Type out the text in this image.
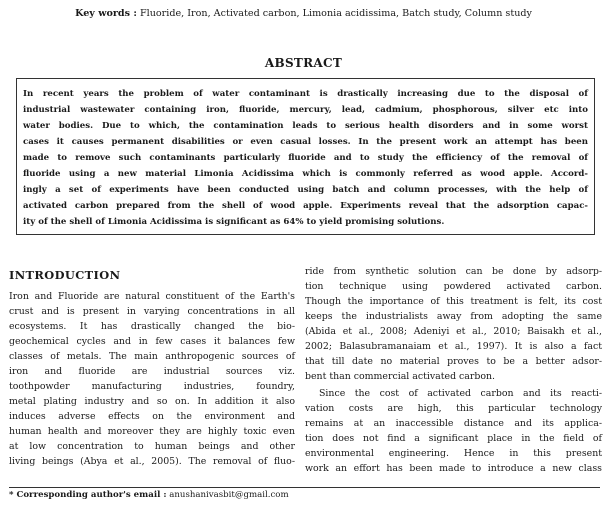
Key words : Fluoride, Iron, Activated carbon, Limonia acidissima, Batch study, Column study
ABSTRACT
In recent years the problem of water contaminant is drastically increasing due to the disposal of
industrial wastewater containing iron, fluoride, mercury, lead, cadmium, phosphorous, silver etc into
water bodies. Due to which, the contamination leads to serious health disorders and in some worst
cases it causes permanent disabilities or even casual losses. In the present work an attempt has been
made to remove such contaminants particularly fluoride and to study the efficiency of the removal of
fluoride using a new material Limonia Acidissima which is commonly referred as wood apple. Accord-
ingly a set of experiments have been conducted using batch and column processes, with the help of
activated carbon prepared from the shell of wood apple. Experiments reveal that the adsorption capac-
ity of the shell of Limonia Acidissima is significant as 64% to yield promising solutions.
INTRODUCTION
Iron and Fluoride are natural constituent of the Earth's
crust and is present in varying concentrations in all
ecosystems. It has drastically changed the bio-
geochemical cycles and in few cases it balances few
classes of metals. The main anthropogenic sources of
iron and fluoride are industrial sources viz.
toothpowder manufacturing industries, foundry,
metal plating industry and so on. In addition it also
induces adverse effects on the environment and
human health and moreover they are highly toxic even
at low concentration to human beings and other
living beings (Abya et al., 2005). The removal of fluo-
ride from synthetic solution can be done by adsorp-
tion technique using powdered activated carbon.
Though the importance of this treatment is felt, its cost
keeps the industrialists away from adopting the same
(Abida et al., 2008; Adeniyi et al., 2010; Baisakh et al.,
2002; Balasubramanaiam et al., 1997). It is also a fact
that till date no material proves to be a better adsor-
bent than commercial activated carbon.
Since the cost of activated carbon and its reacti-
vation costs are high, this particular technology
remains at an inaccessible distance and its applica-
tion does not find a significant place in the field of
environmental engineering. Hence in this present
work an effort has been made to introduce a new class
* Corresponding author's email : anushanivasbit@gmail.com
